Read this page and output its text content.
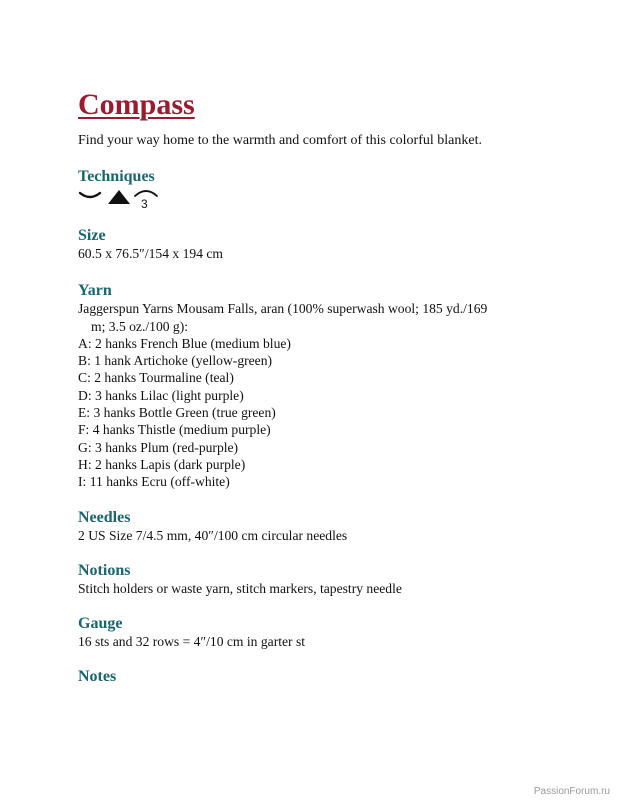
Compass

Find your way home to the warmth and comfort of this colorful blanket.

Techniques
3
Size
60.5 x 76.5″/154 x 194 cm
Yarn
Jaggerspun Yarns Mousam Falls, aran (100% superwash wool; 185 yd./169
m; 3.5 oz./100 g):
A: 2 hanks French Blue (medium blue)
B: 1 hank Artichoke (yellow-green)
C: 2 hanks Tourmaline (teal)
D: 3 hanks Lilac (light purple)
E: 3 hanks Bottle Green (true green)
F: 4 hanks Thistle (medium purple)
G: 3 hanks Plum (red-purple)
H: 2 hanks Lapis (dark purple)
I: 11 hanks Ecru (off-white)
Needles
2 US Size 7/4.5 mm, 40″/100 cm circular needles
Notions
Stitch holders or waste yarn, stitch markers, tapestry needle
Gauge
16 sts and 32 rows = 4″/10 cm in garter st
Notes
PassionForum.ru
